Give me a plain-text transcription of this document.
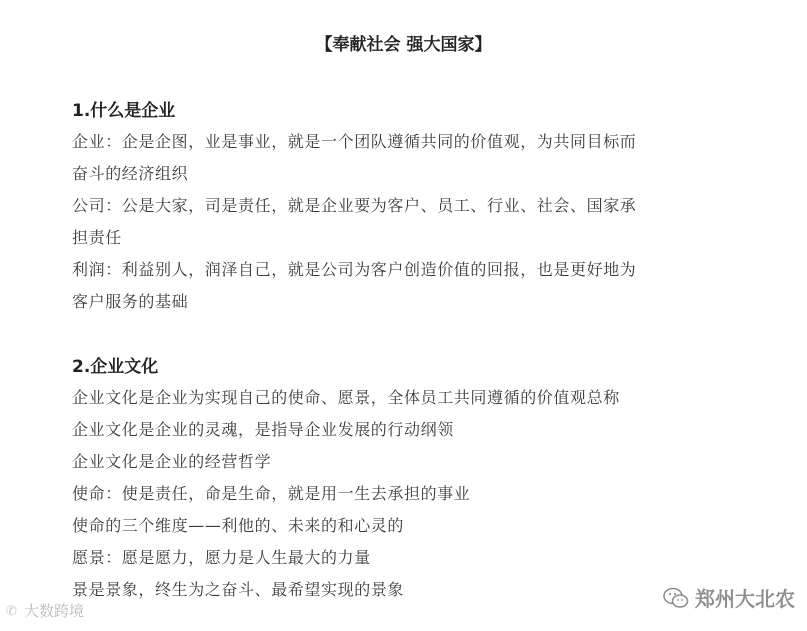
【奉献社会 强大国家】
1.什么是企业
企业：企是企图，业是事业，就是一个团队遵循共同的价值观，为共同目标而
奋斗的经济组织
公司：公是大家，司是责任，就是企业要为客户、员工、行业、社会、国家承
担责任
利润：利益别人，润泽自己，就是公司为客户创造价值的回报，也是更好地为
客户服务的基础
2.企业文化
企业文化是企业为实现自己的使命、愿景，全体员工共同遵循的价值观总称
企业文化是企业的灵魂，是指导企业发展的行动纲领
企业文化是企业的经营哲学
使命：使是责任，命是生命，就是用一生去承担的事业
使命的三个维度——利他的、未来的和心灵的
愿景：愿是愿力，愿力是人生最大的力量
景是景象，终生为之奋斗、最希望实现的景象
✆ 大数跨境	郑州大北农
